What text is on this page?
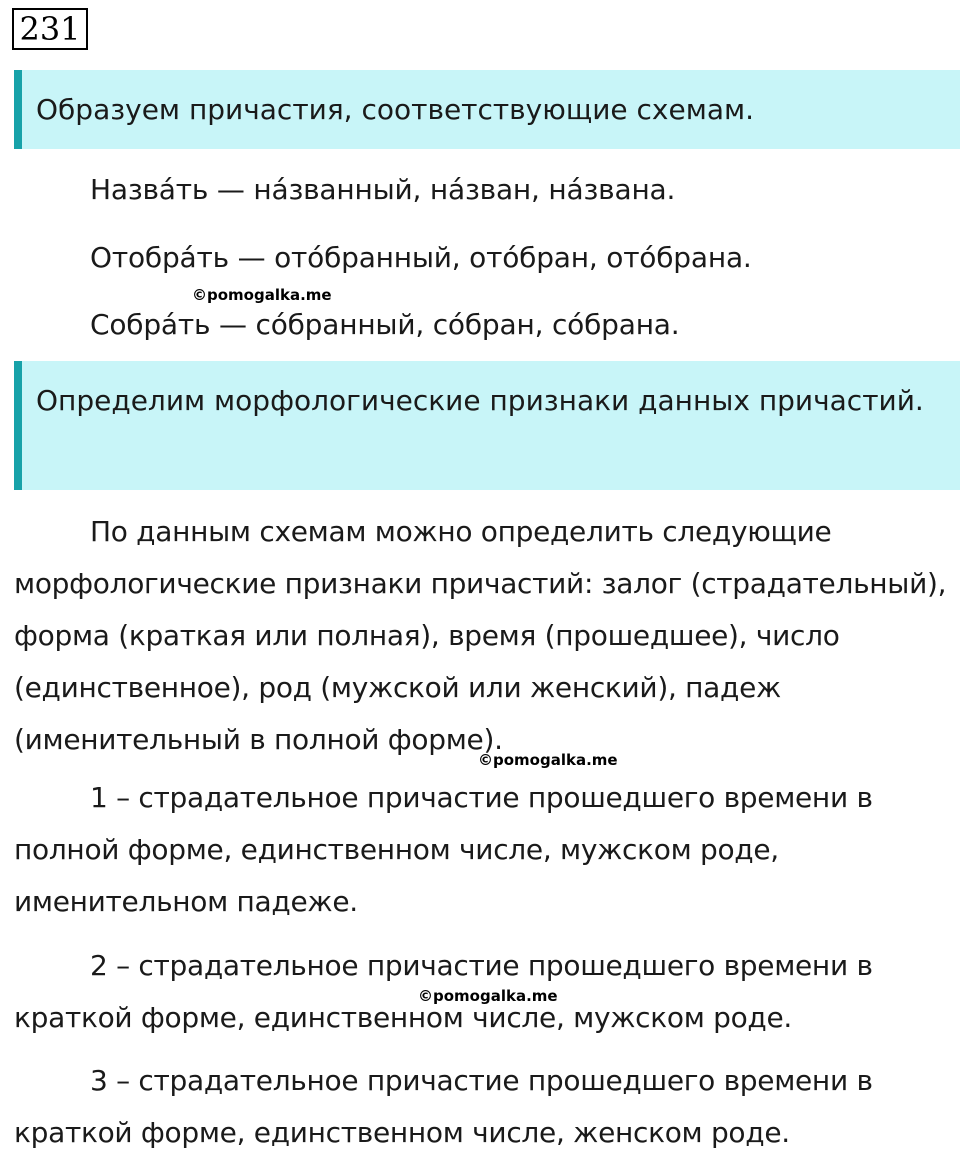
231
Образуем причастия, соответствующие схемам.
Назва́ть — на́званный, на́зван, на́звана.
Отобра́ть — ото́бранный, ото́бран, ото́брана.
Собра́ть — со́бранный, со́бран, со́брана.
©pomogalka.me
Определим морфологические признаки данных причастий.

По данным схемам можно определить следующие морфологические признаки причастий: залог (страдательный), форма (краткая или полная), время (прошедшее), число (единственное), род (мужской или женский), падеж (именительный в полной форме).

©pomogalka.me

1 – страдательное причастие прошедшего времени в полной форме, единственном числе, мужском роде, именительном падеже.

2 – страдательное причастие прошедшего времени в краткой форме, единственном числе, мужском роде.

©pomogalka.me

3 – страдательное причастие прошедшего времени в краткой форме, единственном числе, женском роде.
